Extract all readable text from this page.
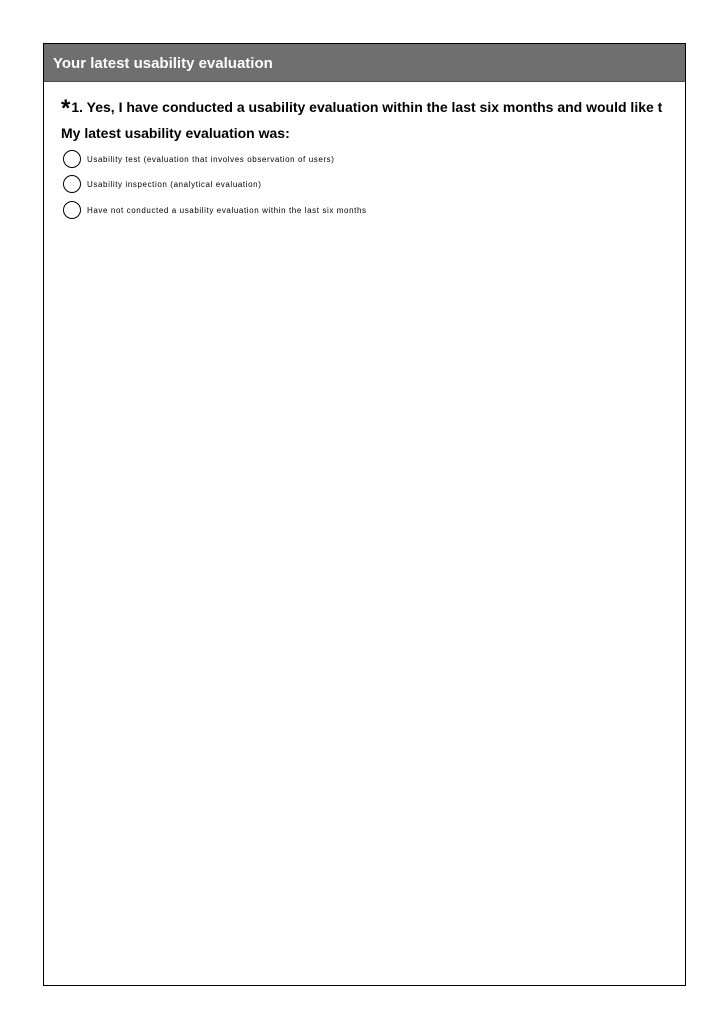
Your latest usability evaluation
*1. Yes, I have conducted a usability evaluation within the last six months and would like t
My latest usability evaluation was:
Usability test (evaluation that involves observation of users)
Usability inspection (analytical evaluation)
Have not conducted a usability evaluation within the last six months
